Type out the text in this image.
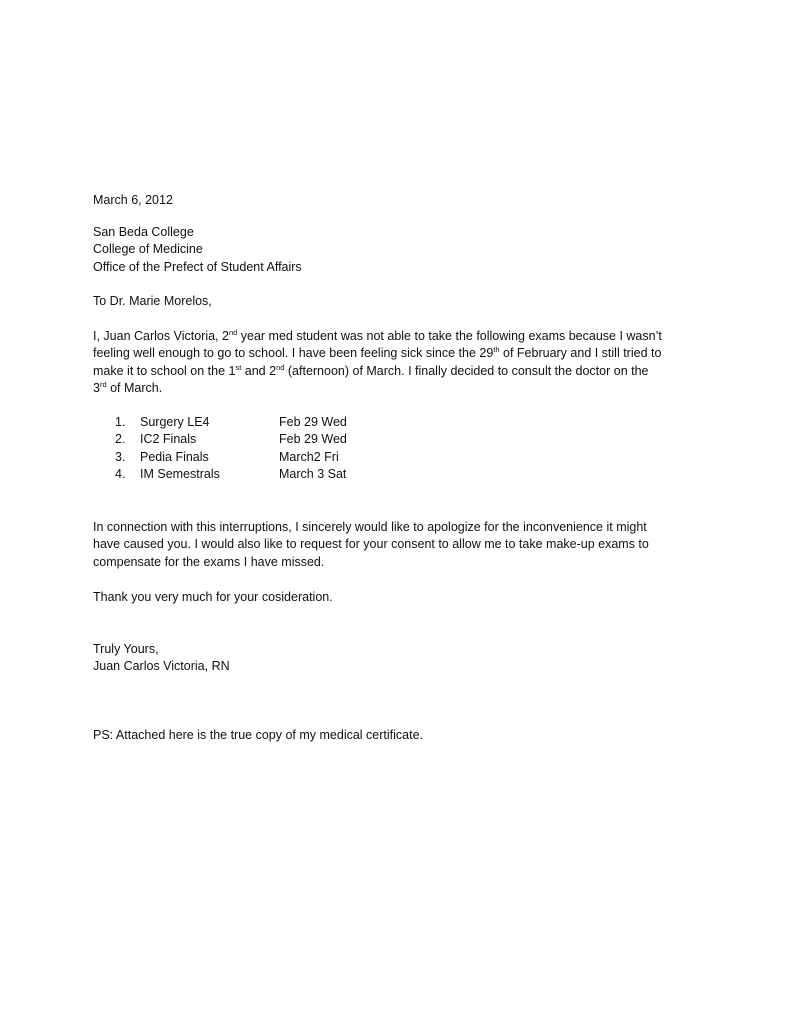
March 6, 2012

San Beda College
College of Medicine
Office of the Prefect of Student Affairs

To Dr. Marie Morelos,

I, Juan Carlos Victoria, 2nd year med student was not able to take the following exams because I wasn’t
feeling well enough to go to school. I have been feeling sick since the 29th of February and I still tried to
make it to school on the 1st and 2nd (afternoon) of March. I finally decided to consult the doctor on the
3rd of March.

1.	Surgery LE4	Feb 29 Wed
2.	IC2 Finals	Feb 29 Wed
3.	Pedia Finals	March2 Fri
4.	IM Semestrals	March 3 Sat

In connection with this interruptions, I sincerely would like to apologize for the inconvenience it might
have caused you. I would also like to request for your consent to allow me to take make-up exams to
compensate for the exams I have missed.

Thank you very much for your cosideration.

Truly Yours,
Juan Carlos Victoria, RN

PS: Attached here is the true copy of my medical certificate.
